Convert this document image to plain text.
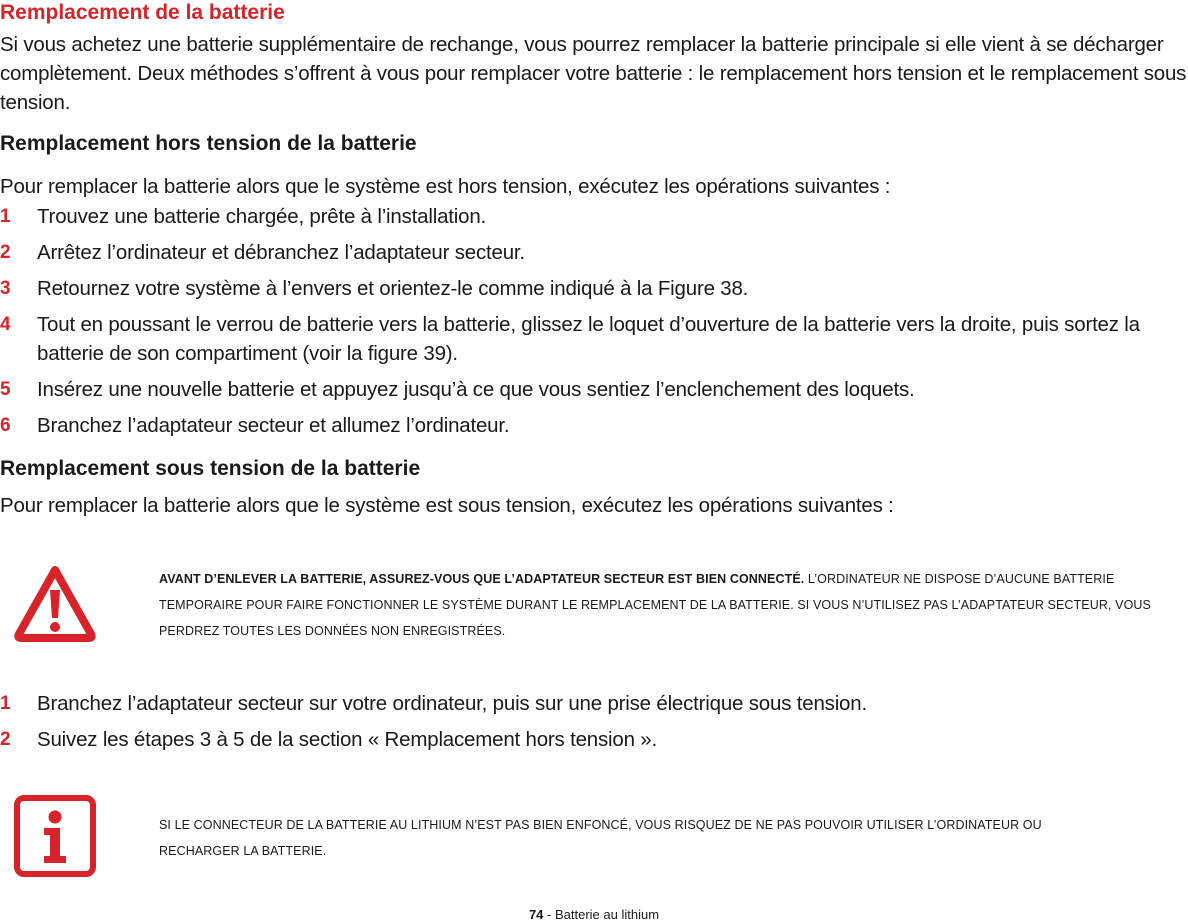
Remplacement de la batterie

Si vous achetez une batterie supplémentaire de rechange, vous pourrez remplacer la batterie principale si elle vient à se décharger complètement. Deux méthodes s’offrent à vous pour remplacer votre batterie : le remplacement hors tension et le remplacement sous tension.

Remplacement hors tension de la batterie

Pour remplacer la batterie alors que le système est hors tension, exécutez les opérations suivantes :

1 Trouvez une batterie chargée, prête à l’installation.
2 Arrêtez l’ordinateur et débranchez l’adaptateur secteur.
3 Retournez votre système à l’envers et orientez-le comme indiqué à la Figure 38.
4 Tout en poussant le verrou de batterie vers la batterie, glissez le loquet d’ouverture de la batterie vers la droite, puis sortez la batterie de son compartiment (voir la figure 39).
5 Insérez une nouvelle batterie et appuyez jusqu’à ce que vous sentiez l’enclenchement des loquets.
6 Branchez l’adaptateur secteur et allumez l’ordinateur.
Remplacement sous tension de la batterie

Pour remplacer la batterie alors que le système est sous tension, exécutez les opérations suivantes :

AVANT D’ENLEVER LA BATTERIE, ASSUREZ-VOUS QUE L’ADAPTATEUR SECTEUR EST BIEN CONNECTÉ. L’ORDINATEUR NE DISPOSE D’AUCUNE BATTERIE TEMPORAIRE POUR FAIRE FONCTIONNER LE SYSTÈME DURANT LE REMPLACEMENT DE LA BATTERIE. SI VOUS N’UTILISEZ PAS L’ADAPTATEUR SECTEUR, VOUS PERDREZ TOUTES LES DONNÉES NON ENREGISTRÉES.

1 Branchez l’adaptateur secteur sur votre ordinateur, puis sur une prise électrique sous tension.
2 Suivez les étapes 3 à 5 de la section « Remplacement hors tension ».

SI LE CONNECTEUR DE LA BATTERIE AU LITHIUM N’EST PAS BIEN ENFONCÉ, VOUS RISQUEZ DE NE PAS POUVOIR UTILISER L’ORDINATEUR OU RECHARGER LA BATTERIE.

74 - Batterie au lithium
